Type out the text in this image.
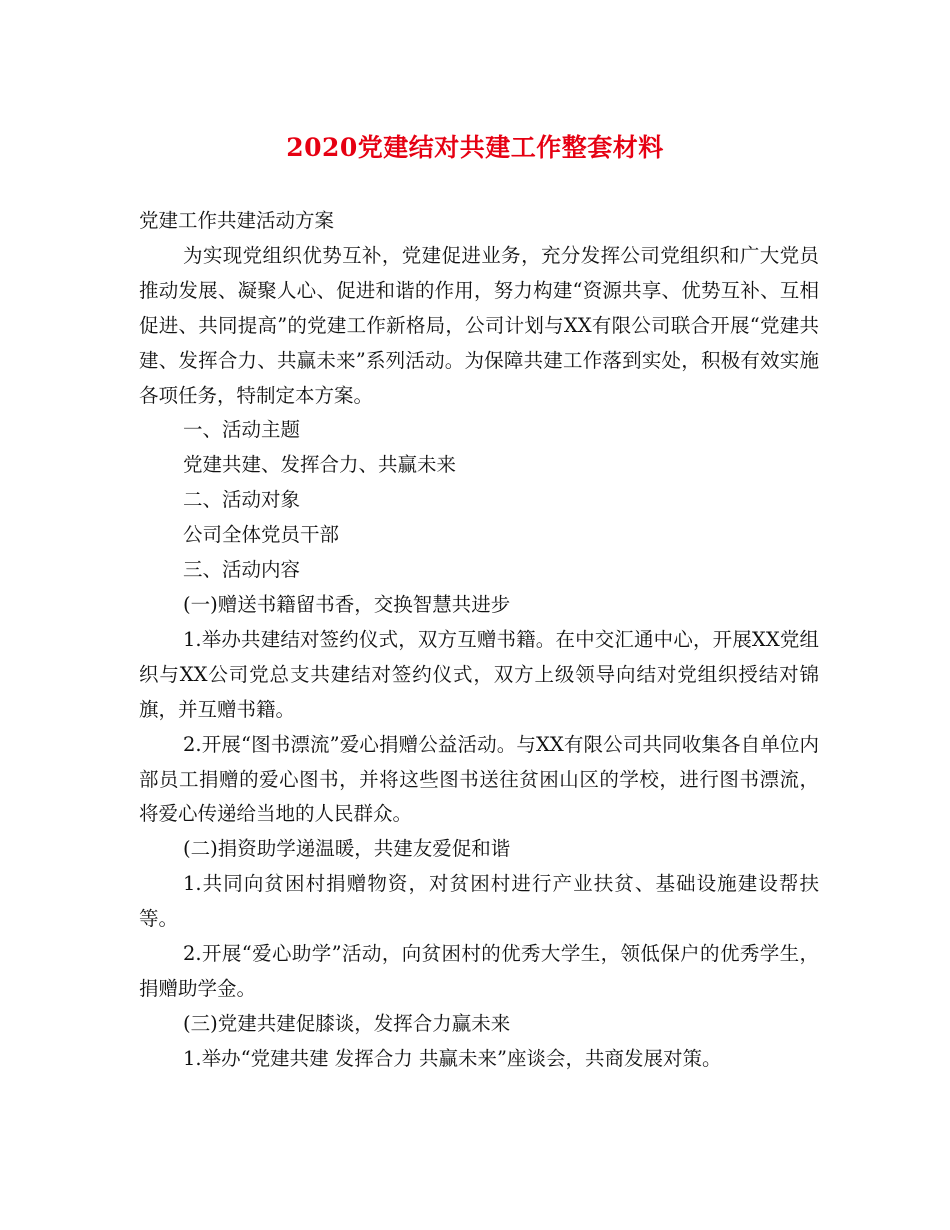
2020党建结对共建工作整套材料

党建工作共建活动方案

为实现党组织优势互补，党建促进业务，充分发挥公司党组织和广大党员推动发展、凝聚人心、促进和谐的作用，努力构建“资源共享、优势互补、互相促进、共同提高”的党建工作新格局，公司计划与XX有限公司联合开展“党建共建、发挥合力、共赢未来”系列活动。为保障共建工作落到实处，积极有效实施各项任务，特制定本方案。

一、活动主题

党建共建、发挥合力、共赢未来

二、活动对象

公司全体党员干部

三、活动内容

(一)赠送书籍留书香，交换智慧共进步

1.举办共建结对签约仪式，双方互赠书籍。在中交汇通中心，开展XX党组织与XX公司党总支共建结对签约仪式，双方上级领导向结对党组织授结对锦旗，并互赠书籍。

2.开展“图书漂流”爱心捐赠公益活动。与XX有限公司共同收集各自单位内部员工捐赠的爱心图书，并将这些图书送往贫困山区的学校，进行图书漂流，将爱心传递给当地的人民群众。

(二)捐资助学递温暖，共建友爱促和谐

1.共同向贫困村捐赠物资，对贫困村进行产业扶贫、基础设施建设帮扶等。

2.开展“爱心助学”活动，向贫困村的优秀大学生，领低保户的优秀学生，捐赠助学金。

(三)党建共建促膝谈，发挥合力赢未来

1.举办“党建共建 发挥合力 共赢未来”座谈会，共商发展对策。
